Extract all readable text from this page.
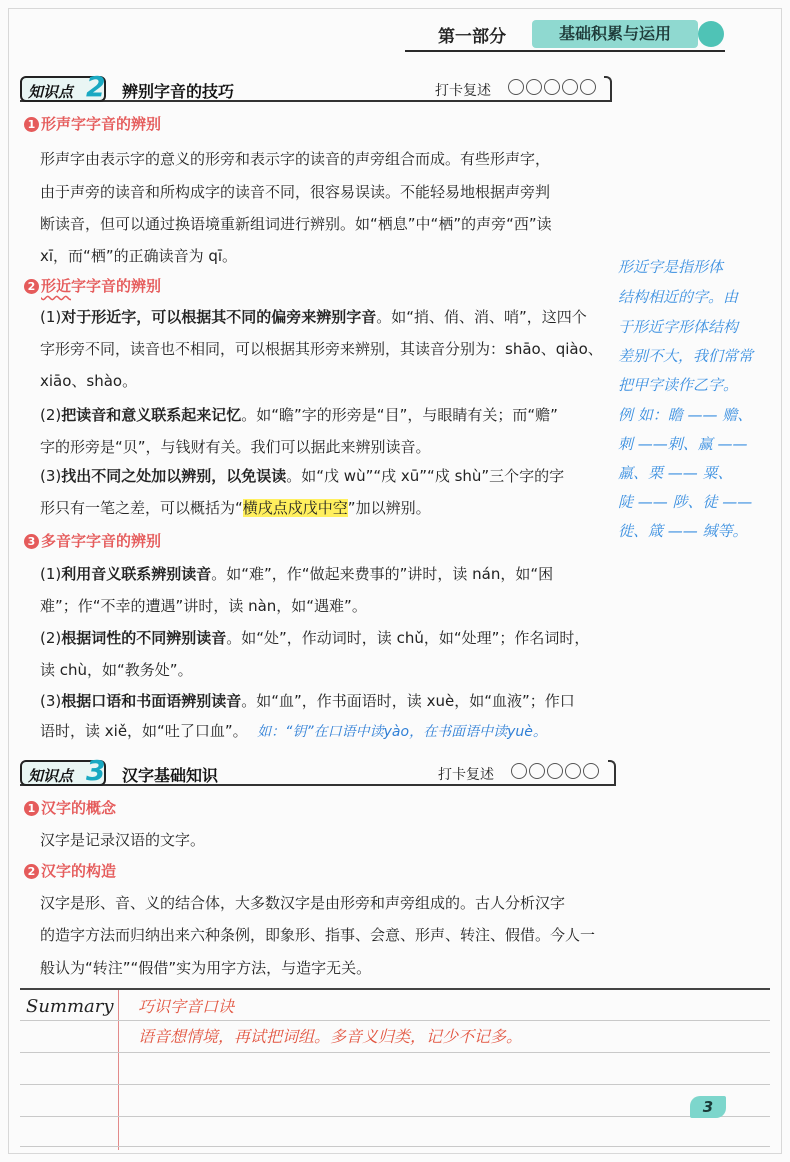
第一部分	基础积累与运用
知识点 2 辨别字音的技巧	打卡复述
1 形声字字音的辨别
形声字由表示字的意义的形旁和表示字的读音的声旁组合而成。有些形声字，
由于声旁的读音和所构成字的读音不同，很容易误读。不能轻易地根据声旁判
断读音，但可以通过换语境重新组词进行辨别。如“栖息”中“栖”的声旁“西”读
xī，而“栖”的正确读音为 qī。
2 形近字字音的辨别
(1)对于形近字，可以根据其不同的偏旁来辨别字音。如“捎、俏、消、哨”，这四个
字形旁不同，读音也不相同，可以根据其形旁来辨别，其读音分别为：shāo、qiào、
xiāo、shào。
(2)把读音和意义联系起来记忆。如“瞻”字的形旁是“目”，与眼睛有关；而“赡”
字的形旁是“贝”，与钱财有关。我们可以据此来辨别读音。
(3)找出不同之处加以辨别，以免误读。如“戊 wù”“戌 xū”“戍 shù”三个字的字
形只有一笔之差，可以概括为“横戌点戍戊中空”加以辨别。
3 多音字字音的辨别
(1)利用音义联系辨别读音。如“难”，作“做起来费事的”讲时，读 nán，如“困
难”；作“不幸的遭遇”讲时，读 nàn，如“遇难”。
(2)根据词性的不同辨别读音。如“处”，作动词时，读 chǔ，如“处理”；作名词时，
读 chù，如“教务处”。
(3)根据口语和书面语辨别读音。如“血”，作书面语时，读 xuè，如“血液”；作口
语时，读 xiě，如“吐了口血”。 如：“钥”在口语中读yào，在书面语中读yuè。
形近字是指形体
结构相近的字。由
于形近字形体结构
差别不大，我们常常
把甲字读作乙字。
例 如：瞻 —— 赡、
刺 ——剌、赢 ——
羸、栗 —— 粟、
陡 —— 陟、徒 ——
徙、箴 —— 缄等。
知识点 3 汉字基础知识	打卡复述
1 汉字的概念
汉字是记录汉语的文字。
2 汉字的构造
汉字是形、音、义的结合体，大多数汉字是由形旁和声旁组成的。古人分析汉字
的造字方法而归纳出来六种条例，即象形、指事、会意、形声、转注、假借。今人一
般认为“转注”“假借”实为用字方法，与造字无关。
Summary 巧识字音口诀
语音想情境，再试把词组。多音义归类，记少不记多。
3
